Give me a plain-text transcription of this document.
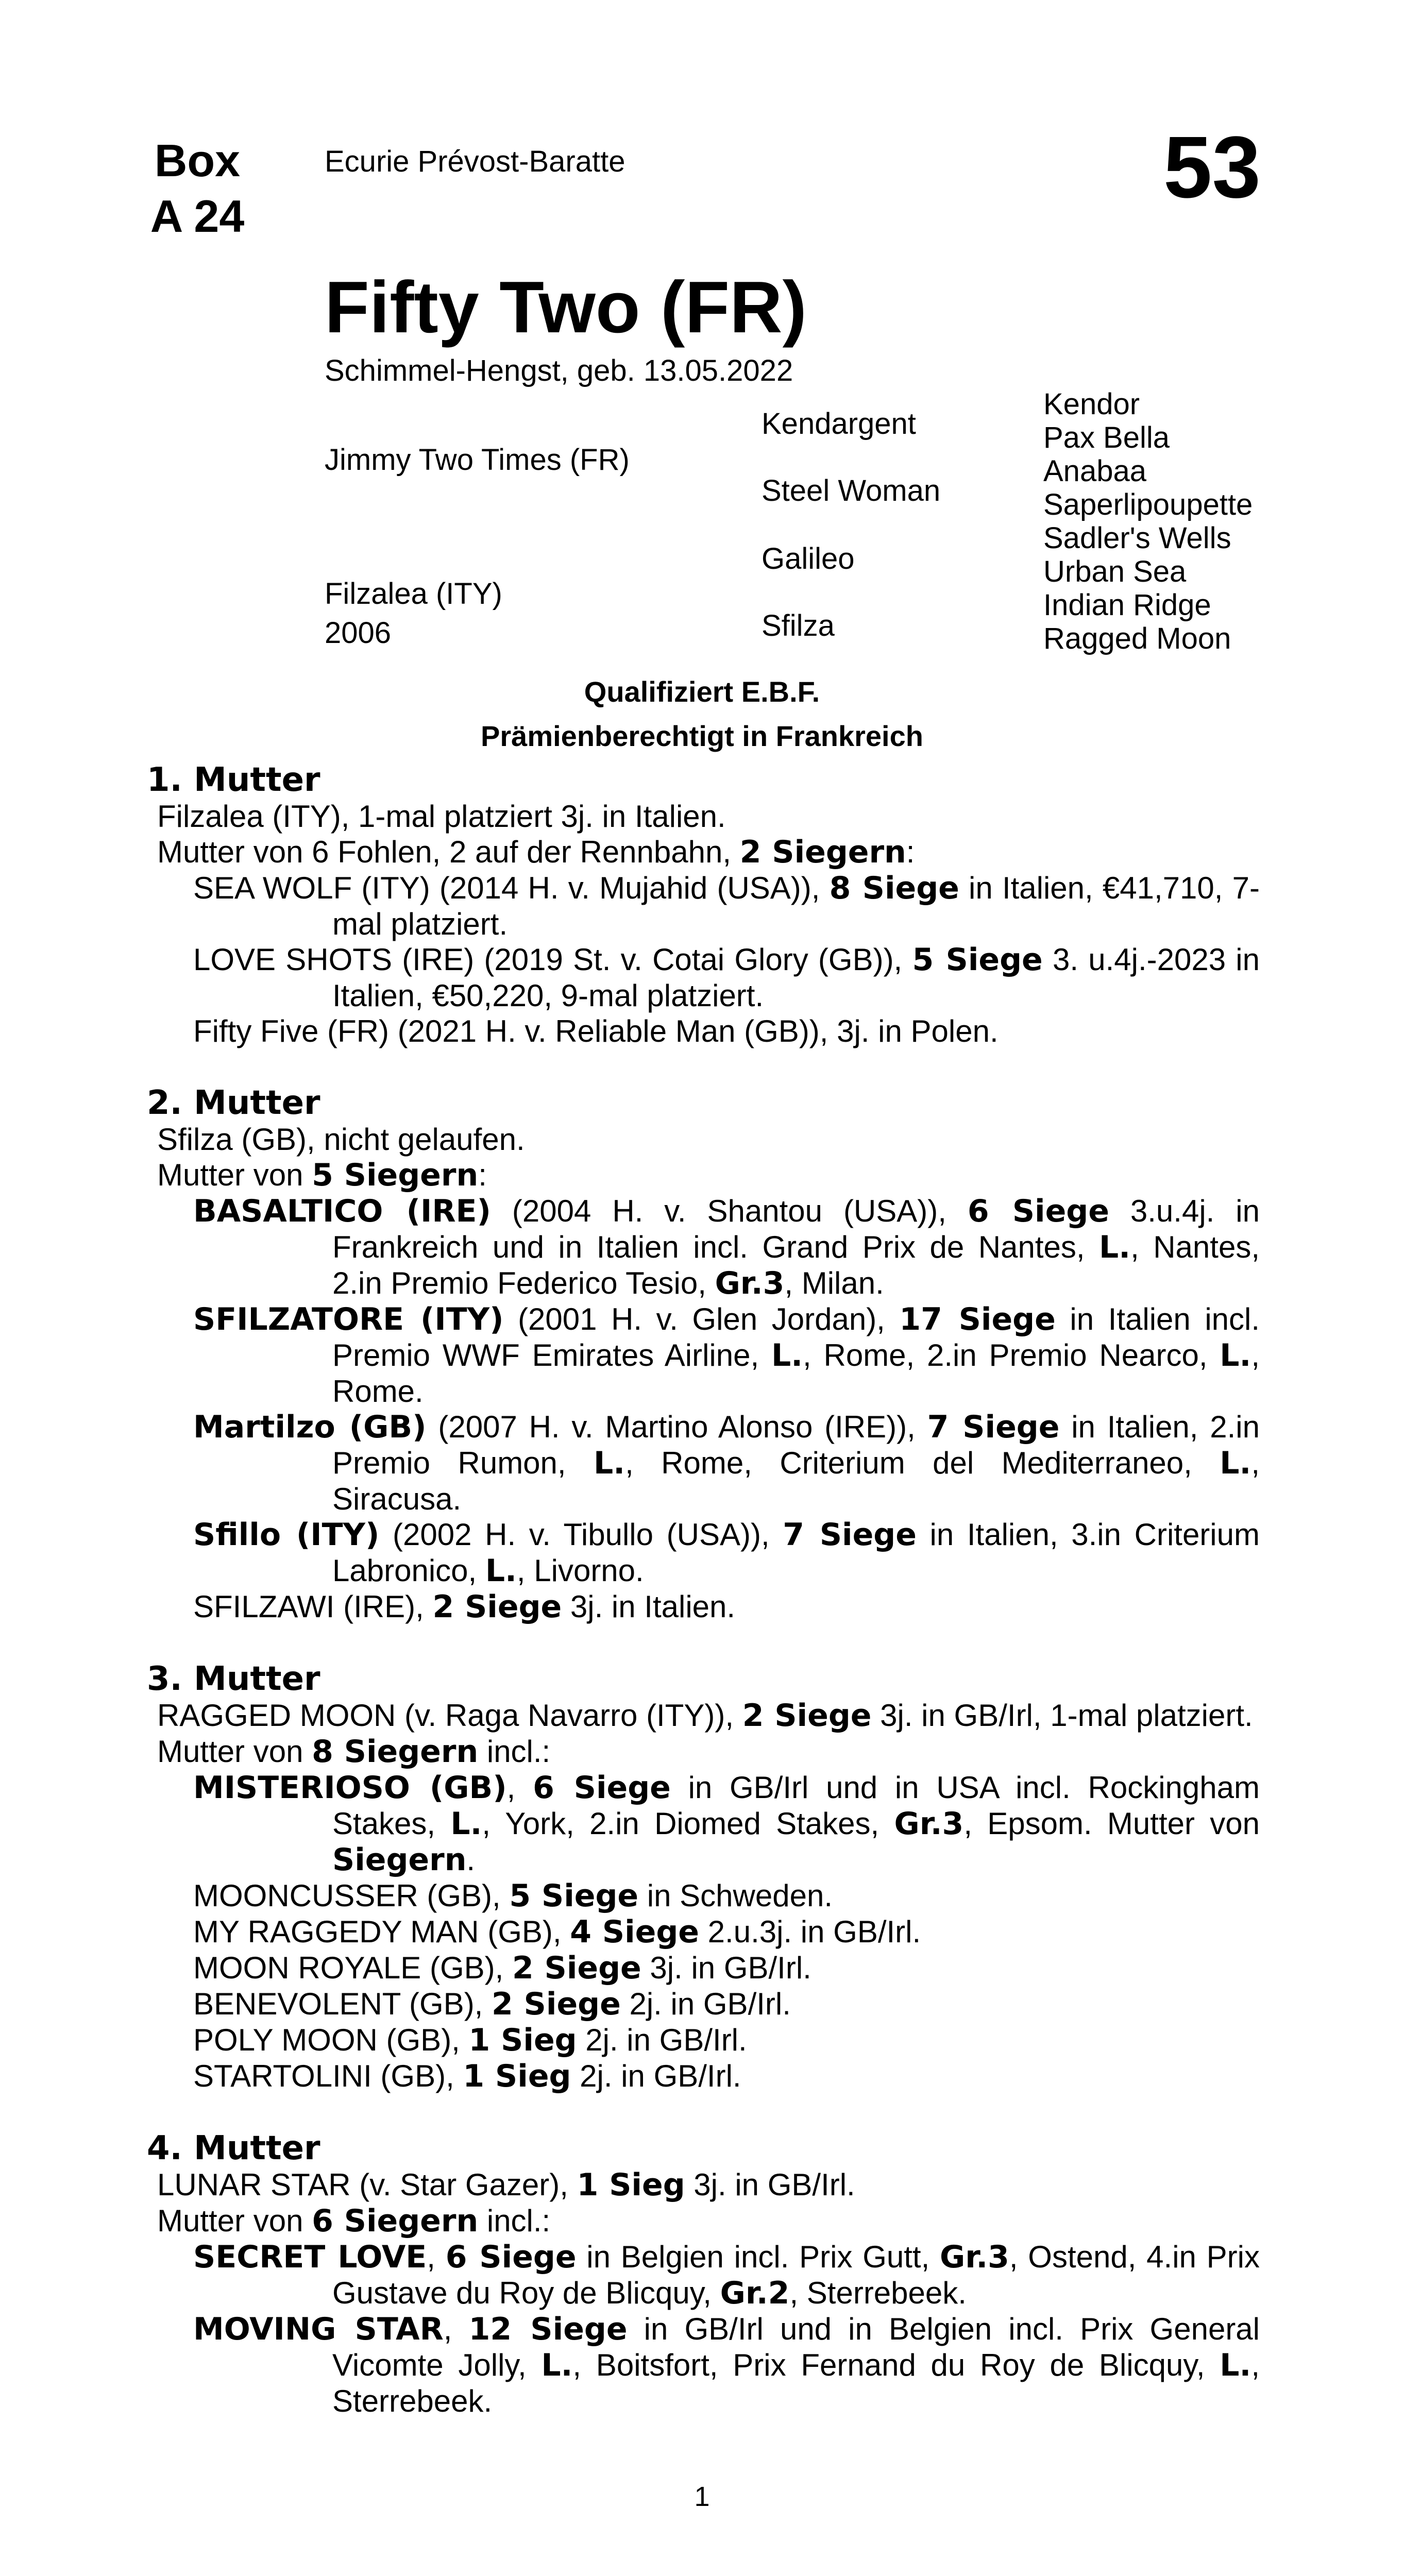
Box
A 24
Ecurie Prévost-Baratte	53
Fifty Two (FR)
Schimmel-Hengst, geb. 13.05.2022
Jimmy Two Times (FR)
Filzalea (ITY)
2006
Kendargent
Steel Woman
Galileo
Sfilza
Kendor
Pax Bella
Anabaa
Saperlipoupette
Sadler's Wells
Urban Sea
Indian Ridge
Ragged Moon
Qualifiziert E.B.F.
Prämienberechtigt in Frankreich

1. Mutter

Filzalea (ITY), 1-mal platziert 3j. in Italien.

Mutter von 6 Fohlen, 2 auf der Rennbahn, 2 Siegern:

SEA WOLF (ITY) (2014 H. v. Mujahid (USA)), 8 Siege in Italien, €41,710, 7-mal platziert.

LOVE SHOTS (IRE) (2019 St. v. Cotai Glory (GB)), 5 Siege 3. u.4j.-2023 in Italien, €50,220, 9-mal platziert.

Fifty Five (FR) (2021 H. v. Reliable Man (GB)), 3j. in Polen.

2. Mutter

Sfilza (GB), nicht gelaufen.

Mutter von 5 Siegern:

BASALTICO (IRE) (2004 H. v. Shantou (USA)), 6 Siege 3.u.4j. in Frankreich und in Italien incl. Grand Prix de Nantes, L., Nantes, 2.in Premio Federico Tesio, Gr.3, Milan.

SFILZATORE (ITY) (2001 H. v. Glen Jordan), 17 Siege in Italien incl. Premio WWF Emirates Airline, L., Rome, 2.in Premio Nearco, L., Rome.

Martilzo (GB) (2007 H. v. Martino Alonso (IRE)), 7 Siege in Italien, 2.in Premio Rumon, L., Rome, Criterium del Mediterraneo, L., Siracusa.

Sfillo (ITY) (2002 H. v. Tibullo (USA)), 7 Siege in Italien, 3.in Criterium Labronico, L., Livorno.

SFILZAWI (IRE), 2 Siege 3j. in Italien.

3. Mutter

RAGGED MOON (v. Raga Navarro (ITY)), 2 Siege 3j. in GB/Irl, 1-mal platziert.

Mutter von 8 Siegern incl.:

MISTERIOSO (GB), 6 Siege in GB/Irl und in USA incl. Rockingham Stakes, L., York, 2.in Diomed Stakes, Gr.3, Epsom. Mutter von Siegern.

MOONCUSSER (GB), 5 Siege in Schweden.

MY RAGGEDY MAN (GB), 4 Siege 2.u.3j. in GB/Irl.

MOON ROYALE (GB), 2 Siege 3j. in GB/Irl.

BENEVOLENT (GB), 2 Siege 2j. in GB/Irl.

POLY MOON (GB), 1 Sieg 2j. in GB/Irl.

STARTOLINI (GB), 1 Sieg 2j. in GB/Irl.

4. Mutter

LUNAR STAR (v. Star Gazer), 1 Sieg 3j. in GB/Irl.

Mutter von 6 Siegern incl.:

SECRET LOVE, 6 Siege in Belgien incl. Prix Gutt, Gr.3, Ostend, 4.in Prix Gustave du Roy de Blicquy, Gr.2, Sterrebeek.

MOVING STAR, 12 Siege in GB/Irl und in Belgien incl. Prix General Vicomte Jolly, L., Boitsfort, Prix Fernand du Roy de Blicquy, L., Sterrebeek.

1
